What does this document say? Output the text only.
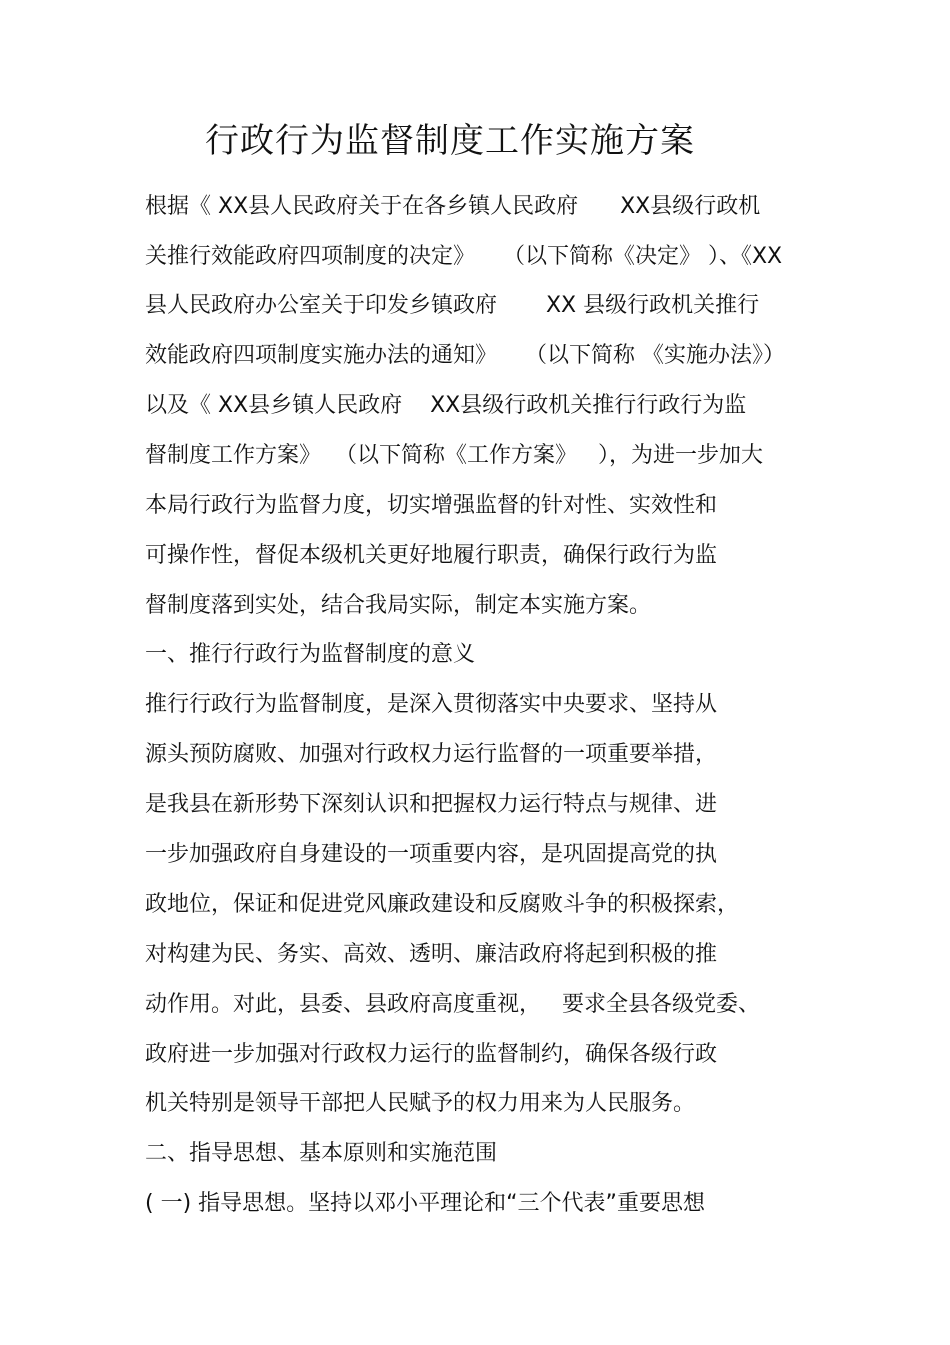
行政行为监督制度工作实施方案

根据《 XX县人民政府关于在各乡镇人民政府      XX县级行政机

关推行效能政府四项制度的决定》    （以下简称《决定》 ）、《XX

县人民政府办公室关于印发乡镇政府       XX 县级行政机关推行

效能政府四项制度实施办法的通知》    （以下简称 《实施办法》）

以及《 XX县乡镇人民政府    XX县级行政机关推行行政行为监

督制度工作方案》  （以下简称《工作方案》   ），为进一步加大

本局行政行为监督力度，切实增强监督的针对性、实效性和

可操作性，督促本级机关更好地履行职责，确保行政行为监

督制度落到实处，结合我局实际，制定本实施方案。

一、推行行政行为监督制度的意义

推行行政行为监督制度，是深入贯彻落实中央要求、坚持从

源头预防腐败、加强对行政权力运行监督的一项重要举措，

是我县在新形势下深刻认识和把握权力运行特点与规律、进

一步加强政府自身建设的一项重要内容，是巩固提高党的执

政地位，保证和促进党风廉政建设和反腐败斗争的积极探索，

对构建为民、务实、高效、透明、廉洁政府将起到积极的推

动作用。对此，县委、县政府高度重视，   要求全县各级党委、

政府进一步加强对行政权力运行的监督制约，确保各级行政

机关特别是领导干部把人民赋予的权力用来为人民服务。

二、指导思想、基本原则和实施范围

( 一) 指导思想。坚持以邓小平理论和“三个代表”重要思想
